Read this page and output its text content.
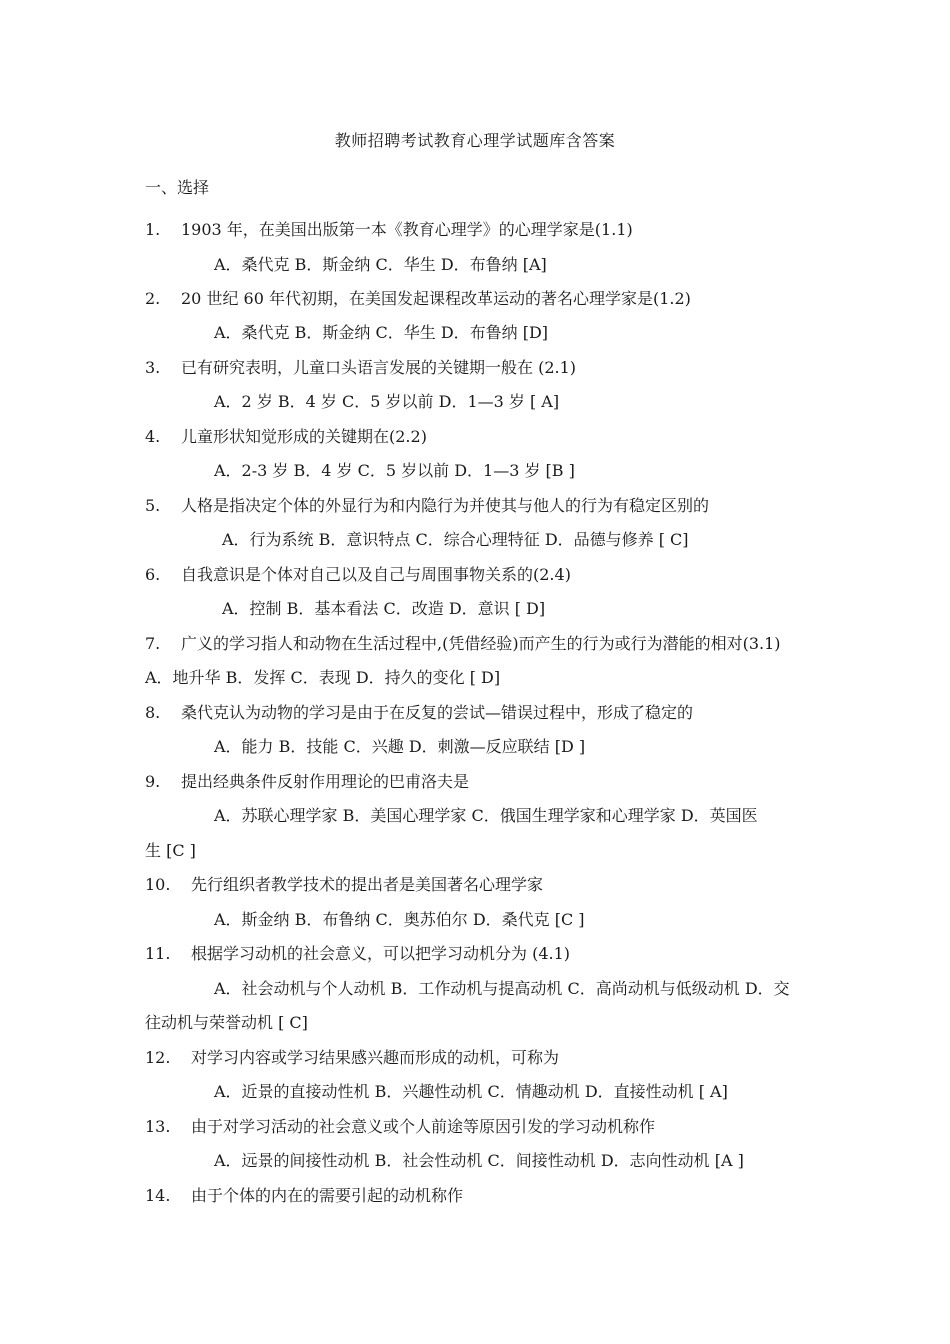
教师招聘考试教育心理学试题库含答案
一、选择
1. 1903 年，在美国出版第一本《教育心理学》的心理学家是(1.1)
A．桑代克 B．斯金纳 C．华生 D．布鲁纳 [A]
2. 20 世纪 60 年代初期，在美国发起课程改革运动的著名心理学家是(1.2)
A．桑代克 B．斯金纳 C．华生 D．布鲁纳 [D]
3. 已有研究表明，儿童口头语言发展的关键期一般在 (2.1)
A．2 岁 B．4 岁 C．5 岁以前 D．1—3 岁 [ A]
4. 儿童形状知觉形成的关键期在(2.2)
A．2-3 岁 B．4 岁 C．5 岁以前 D．1—3 岁 [B ]
5. 人格是指决定个体的外显行为和内隐行为并使其与他人的行为有稳定区别的
A．行为系统 B．意识特点 C．综合心理特征 D．品德与修养 [ C]
6. 自我意识是个体对自己以及自己与周围事物关系的(2.4)
A．控制 B．基本看法 C．改造 D．意识 [ D]
7. 广义的学习指人和动物在生活过程中,(凭借经验)而产生的行为或行为潜能的相对(3.1)
A．地升华 B．发挥 C．表现 D．持久的变化 [ D]
8. 桑代克认为动物的学习是由于在反复的尝试—错误过程中，形成了稳定的
A．能力 B．技能 C．兴趣 D．刺激—反应联结 [D ]
9. 提出经典条件反射作用理论的巴甫洛夫是
A．苏联心理学家 B．美国心理学家 C．俄国生理学家和心理学家 D．英国医
生 [C ]
10. 先行组织者教学技术的提出者是美国著名心理学家
A．斯金纳 B．布鲁纳 C．奥苏伯尔 D．桑代克 [C ]
11. 根据学习动机的社会意义，可以把学习动机分为 (4.1)
A．社会动机与个人动机 B．工作动机与提高动机 C．高尚动机与低级动机 D．交
往动机与荣誉动机 [ C]
12. 对学习内容或学习结果感兴趣而形成的动机，可称为
A．近景的直接动性机 B．兴趣性动机 C．情趣动机 D．直接性动机 [ A]
13. 由于对学习活动的社会意义或个人前途等原因引发的学习动机称作
A．远景的间接性动机 B．社会性动机 C．间接性动机 D．志向性动机 [A ]
14. 由于个体的内在的需要引起的动机称作
